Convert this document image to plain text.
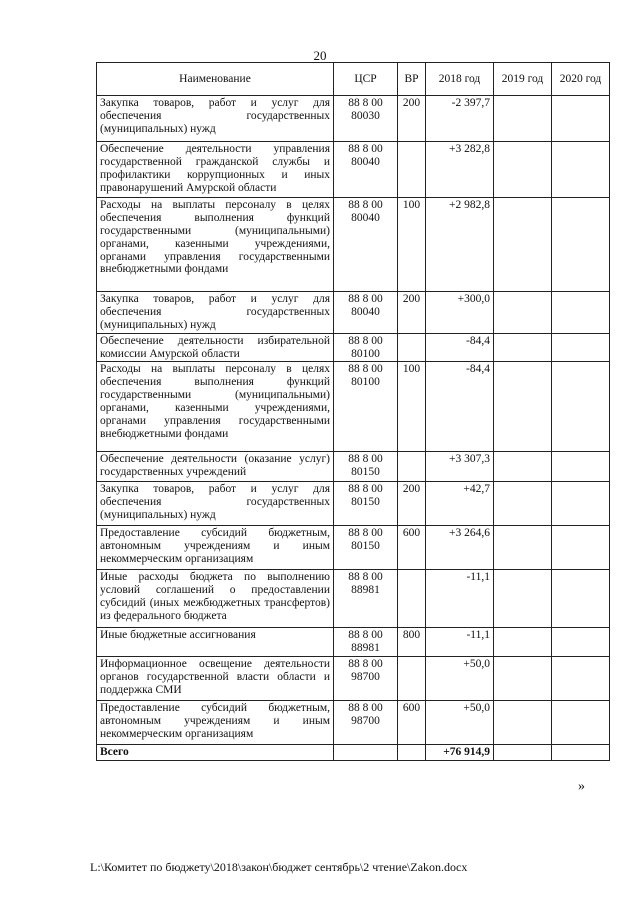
20
Наименование	ЦСР	ВР	2018 год	2019 год	2020 год
Закупка товаров, работ и услуг для обеспечения государственных (муниципальных) нужд	88 8 00 80030	200	-2 397,7		
Обеспечение деятельности управления государственной гражданской службы и профилактики коррупционных и иных правонарушений Амурской области	88 8 00 80040		+3 282,8		
Расходы на выплаты персоналу в целях обеспечения выполнения функций государственными (муниципальными) органами, казенными учреждениями, органами управления государственными внебюджетными фондами	88 8 00 80040	100	+2 982,8		
Закупка товаров, работ и услуг для обеспечения государственных (муниципальных) нужд	88 8 00 80040	200	+300,0		
Обеспечение деятельности избирательной комиссии Амурской области	88 8 00 80100		-84,4		
Расходы на выплаты персоналу в целях обеспечения выполнения функций государственными (муниципальными) органами, казенными учреждениями, органами управления государственными внебюджетными фондами	88 8 00 80100	100	-84,4		
Обеспечение деятельности (оказание услуг) государственных учреждений	88 8 00 80150		+3 307,3		
Закупка товаров, работ и услуг для обеспечения государственных (муниципальных) нужд	88 8 00 80150	200	+42,7		
Предоставление субсидий бюджетным, автономным учреждениям и иным некоммерческим организациям	88 8 00 80150	600	+3 264,6		
Иные расходы бюджета по выполнению условий соглашений о предоставлении субсидий (иных межбюджетных трансфертов) из федерального бюджета	88 8 00 88981		-11,1		
Иные бюджетные ассигнования	88 8 00 88981	800	-11,1		
Информационное освещение деятельности органов государственной власти области и поддержка СМИ	88 8 00 98700		+50,0		
Предоставление субсидий бюджетным, автономным учреждениям и иным некоммерческим организациям	88 8 00 98700	600	+50,0		
Всего			+76 914,9		
»
L:\Комитет по бюджету\2018\закон\бюджет сентябрь\2 чтение\Zakon.docx
